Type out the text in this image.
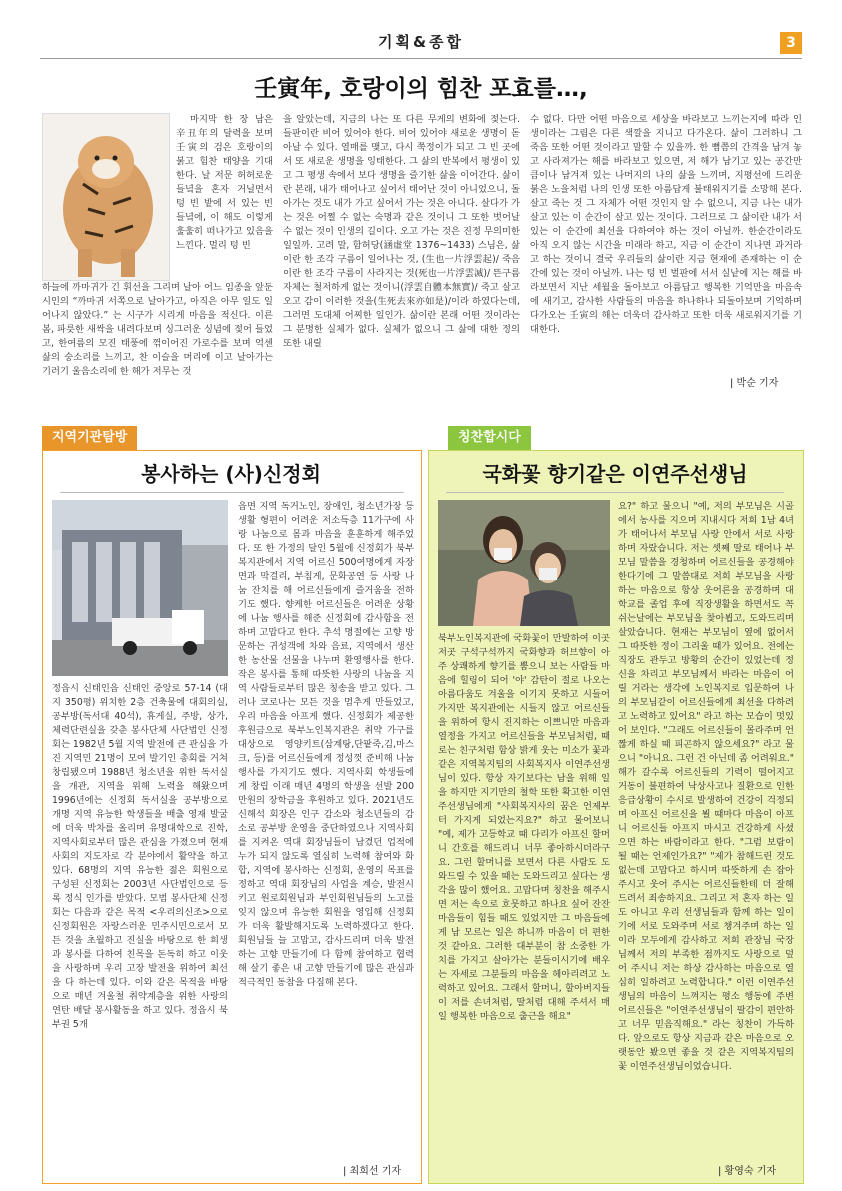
기획&종합	3
壬寅年, 호랑이의 힘찬 포효를…,
마지막 한 장 남은 辛丑年의 달력을 보며 壬寅의 검은 호랑이의 붉고 힘찬 태양을 기대한다. 날 저문 허허로운 들녘을 혼자 거닐면서 텅 빈 밭에 서 있는 빈 들녘에, 이 해도 이렇게 훌훌히 떠나가고 있음을 느낀다. 멀리 텅 빈
하늘에 까마귀가 긴 휘선을 그리며 날아 어느 임종을 앞둔 시인의 “까마귀 서쪽으로 날아가고, 아직은 아무 일도 일어나지 않았다.” 는 시구가 시리게 마음을 적신다. 이른 봄, 파릇한 새싹을 내려다보며 싱그러운 싱념에 젖어 들었고, 한여름의 모진 태풍에 꺾이어진 가로수를 보며 억센 삶의 숭소리를 느끼고, 찬 이슬을 머리에 이고 날아가는 기러기 울음소리에 한 해가 저무는 것
을 알았는데, 지금의 나는 또 다른 무게의 변화에 젖는다. 들판이란 비어 있어야 한다. 비어 있어야 새로운 생명이 돋아날 수 있다. 열매를 맺고, 다시 쭉정이가 되고 그 빈 곳에서 또 새로운 생명을 잉태한다. 그 삶의 반복에서 평생이 있고 그 평생 속에서 보다 생명을 즐기한 삶을 이어간다. 삶이란 본래, 내가 태어나고 싶어서 태어난 것이 아니었으니, 돌아가는 것도 내가 가고 싶어서 가는 것은 아니다. 살다가 가는 것은 어쩔 수 없는 숙명과 같은 것이니 그 또한 벗어날 수 없는 것이 인생의 길이다. 오고 가는 것은 진정 무의미한 일일까. 고려 말, 함허당(涵虛堂 1376~1433) 스님은, 삶이란 한 조각 구름이 일어나는 것, (生也一片浮雲起)/ 죽음이란 한 조각 구름이 사라지는 것(死也一片浮雲滅)/ 뜬구름 자체는 철저하게 없는 것이니(浮雲自體本無實)/ 죽고 살고 오고 감이 이러한 것을(生死去來亦如是)/이라 하였다는데, 그러면 도대체 어찌한 일인가. 삶이란 본래 어떤 것이라는 그 분명한 실체가 없다. 실체가 없으니 그 삶에 대한 정의 또한 내릴
수 없다. 다만 어떤 마음으로 세상을 바라보고 느끼는지에 따라 인생이라는 그림은 다른 색깔을 지니고 다가온다. 삶이 그러하니 그 죽음 또한 어떤 것이라고 말할 수 있을까. 한 뼘쯤의 간격을 남겨 놓고 사라져가는 해를 바라보고 있으면, 저 해가 남기고 있는 공간만큼이나 남겨져 있는 나머지의 나의 삶을 느끼며, 지평선에 드리운 붉은 노을처럼 나의 인생 또한 아름답게 불태워지기를 소망해 본다. 살고 죽는 것 그 자체가 어떤 것인지 알 수 없으니, 지금 나는 내가 살고 있는 이 순간이 살고 있는 것이다. 그러므로 그 삶이란 내가 서 있는 이 순간에 최선을 다하여야 하는 것이 아닐까. 한순간이라도 아직 오지 않는 시간을 미래라 하고, 지금 이 순간이 지나면 과거라고 하는 것이니 결국 우리들의 삶이란 지금 현재에 존재하는 이 순간에 있는 것이 아닐까. 나는 텅 빈 벌판에 서서 실낱에 지는 해를 바라보면서 지난 세월을 돌아보고 아름답고 행복한 기억만을 마음속에 새기고, 감사한 사람들의 마음을 하나하나 되돌아보며 기억하며 다가오는 壬寅의 해는 더욱더 감사하고 또한 더욱 새로워지기를 기대한다.
| 박순 기자
지역기관탐방
봉사하는 (사)신정회
정읍시 신태인읍 신태인 중앙로 57-14 (대지 350평) 위치한 2층 건축물에 대회의실, 공부방(독서대 40석), 휴게실, 주방, 상가, 체력단련실을 갖춘 봉사단체 사단법인 신정회는 1982년 5월 지역 발전에 큰 관심을 가진 지역민 21명이 모여 발기인 총회를 거쳐 창립됐으며 1988년 청소년을 위한 독서실을 개관, 지역을 위해 노력을 해왔으며 1996년에는 신정회 독서실을 공부방으로 개명 지역 유능한 학생들을 배출 영재 발굴에 더욱 박차를 올리며 유명대학으로 진학, 지역사회로부터 많은 관심을 가졌으며 현재 사회의 지도자로 각 분야에서 활약을 하고 있다. 68명의 지역 유능한 젊은 회원으로 구성된 신정회는 2003년 사단법인으로 등록 정식 인가를 받았다. 모범 봉사단체 신정회는 다음과 같은 목적 <우리의신조>으로 신정회원은 자랑스러운 민주시민으로서 모든 것을 초월하고 진실을 바탕으로 한 희생과 봉사를 다하여 친목을 돈독히 하고 이웃을 사랑하며 우리 고장 발전을 위하여 최선을 다 하는데 있다. 이와 같은 목적을 바탕으로 매년 겨울철 취약계층을 위한 사랑의 연탄 배달 봉사활동을 하고 있다. 정읍시 북부권 5개
읍면 지역 독거노인, 장애인, 청소년가장 등 생활 형편이 어려운 저소득층 11가구에 사랑 나눔으로 몸과 마음을 훈훈하게 해주었다. 또 한 가정의 달인 5월에 신정회가 북부복지관에서 지역 어르신 500여명에게 자장면과 막걸리, 부침게, 문화공연 등 사랑 나눔 잔치를 해 어르신들에게 즐거움을 전하기도 했다. 향케한 어르신들은 어려운 상황에 나눔 행사를 해준 신정회에 감사함을 전하며 고맙다고 한다. 추석 명절에는 고향 방문하는 귀성객에 차와 음료, 지역에서 생산한 농산물 선물을 나누며 환영행사를 한다. 작은 봉사를 통해 따뜻한 사랑의 나눔을 지역 사람들로부터 많은 칭송을 받고 있다. 그러나 코로나는 모든 것을 멈추게 만들었고, 우리 마음을 아프게 했다. 신정회가 제공한 후원금으로 북부노인복지관은 취약 가구를 대상으로 영양키트(삼계탕,단팥죽,김,마스크, 등)를 어르신들에게 정성껏 준비해 나눔 행사를 가지기도 했다. 지역사회 학생들에게 창립 이래 매년 4명의 학생을 선발 200만원의 장학금을 후원하고 있다. 2021년도 신해석 회장은 인구 감소와 청소년들의 감소로 공부방 운영을 중단하였으나 지역사회를 지켜온 역대 회장님들이 남겼던 업적에 누가 되지 않도록 열심히 노력해 참여와 화합, 지역에 봉사하는 신정회, 운영의 목표를 정하고 역대 회장님의 사업을 계승, 발전시키고 원로회원님과 부인회원님들의 노고를 잊지 않으며 유능한 회원을 영입해 신정회가 더욱 활발해지도록 노력하겠다고 한다. 회원님들 늘 고맙고, 감사드리며 더욱 발전하는 고향 만들기에 다 함께 참여하고 협력해 살기 좋은 내 고향 만들기에 많은 관심과 적극적인 동참을 다짐해 본다.
| 최희선 기자
칭찬합시다
국화꽃 향기같은 이연주선생님
북부노인복지관에 국화꽃이 만발하여 이곳저곳 구석구석까지 국화향과 허브향이 아주 상쾌하게 향기를 뿜으니 보는 사람들 마음에 힐링이 되어 '야' 감탄이 절로 나오는 아름다움도 겨울을 이기지 못하고 시들어 가지만 복지관에는 시들지 않고 어르신들을 위하여 항시 진지하는 이쁘니만 마음과 열정을 가지고 어르신들을 부모님처럼, 때로는 친구처럼 함상 밝게 웃는 미소가 꽃과 같은 지역복지팀의 사회복지사 이연주선생님이 있다. 항상 자기보다는 남을 위해 일을 하지만 지기만의 철학 또한 확고한 이연주선생님에게 "사회복지사의 꿈은 언제부터 가지게 되었는지요?" 하고 물어보니 "예, 제가 고등학교 때 다리가 아프신 할머니 간호를 해드리니 너무 좋아하시더라구요. 그런 할머니를 보면서 다른 사람도 도와드릴 수 있을 때는 도와드리고 싶다는 생각을 많이 했어요. 고맙다며 칭찬을 해주시면 저는 속으로 흐뭇하고 하나요 싶어 잔잔 마음들이 힘들 때도 있었지만 그 마음들에게 남 모르는 일은 하니까 마음이 더 편한 것 같아요. 그러한 대부분이 참 소중한 가치를 가지고 살아가는 분들이시기에 배우는 자세로 그분들의 마음을 헤아리려고 노력하고 있어요. 그래서 할머니, 할아버지들이 저를 손녀처럼, 딸처럼 대해 주셔서 매일 행복한 마음으로 출근을 해요"
요?" 하고 물으니 "예, 저의 부모님은 시골에서 농사를 지으며 지내시다 저희 1남 4녀가 태어나서 부모님 사랑 안에서 서로 사랑하며 자랐습니다. 저는 셋째 딸로 태어나 부모님 말씀을 경청하며 어르신들을 공경해야 한다기에 그 말씀대로 저희 부모님을 사랑하는 마음으로 항상 웃어른을 공경하며 대학교를 졸업 후에 직장생활을 하면서도 꼭 쉬는날에는 부모님을 찾아뵙고, 도와드리며 살았습니다. 현재는 부모님이 옆에 없어서 그 따뜻한 정이 그리울 때가 있어요. 전에는 직장도 관두고 방황의 순간이 있었는데 정신을 차리고 부모님께서 바라는 마음이 어릴 거라는 생각에 노인복지로 입문하여 나의 부모님같이 어르신들에게 최선을 다하려고 노력하고 있어요" 라고 하는 모습이 멋있어 보인다. "그래도 어르신들이 몰라주며 언짢게 하실 때 피곤하지 않으세요?" 라고 물으니 "아니요. 그런 건 아닌데 좀 어려워요." 해가 갈수록 어르신들의 기력이 떨어지고 거동이 불편하여 낙상사고나 질환으로 인한 응급상황이 수시로 발생하여 건강이 걱정되며 아프신 어르신을 뵐 때마다 마음이 아프니 어르신들 아프지 마시고 건강하게 사셨으면 하는 바람이라고 한다. "그럼 보람이 될 때는 언제인가요?" "제가 참해드린 것도 없는데 고맙다고 하시며 따뜻하게 손 잡아 주시고 웃어 주시는 어르신들한테 더 잘해 드려서 죄송하지요. 그리고 저 혼자 하는 일도 아니고 우리 선생님들과 함께 하는 일이기에 서로 도와주며 서로 챙겨주며 하는 일이라 모두에게 감사하고 저희 관장님 국장님께서 저의 부족한 점까지도 사랑으로 덮어 주시니 저는 하상 감사하는 마음으로 열심히 일하려고 노력합니다." 이런 이연주선생님의 마음이 느껴지는 평소 행동에 주변 어르신들은 "이연주선생님이 팔감이 편안하고 너무 믿음직해요." 라는 칭찬이 가득하다. 앞으로도 항상 지금과 같은 마음으로 오랫동안 봤으면 좋을 것 같은 지역복지팀의 꽃 이연주선생님이었습니다.
| 황영숙 기자
